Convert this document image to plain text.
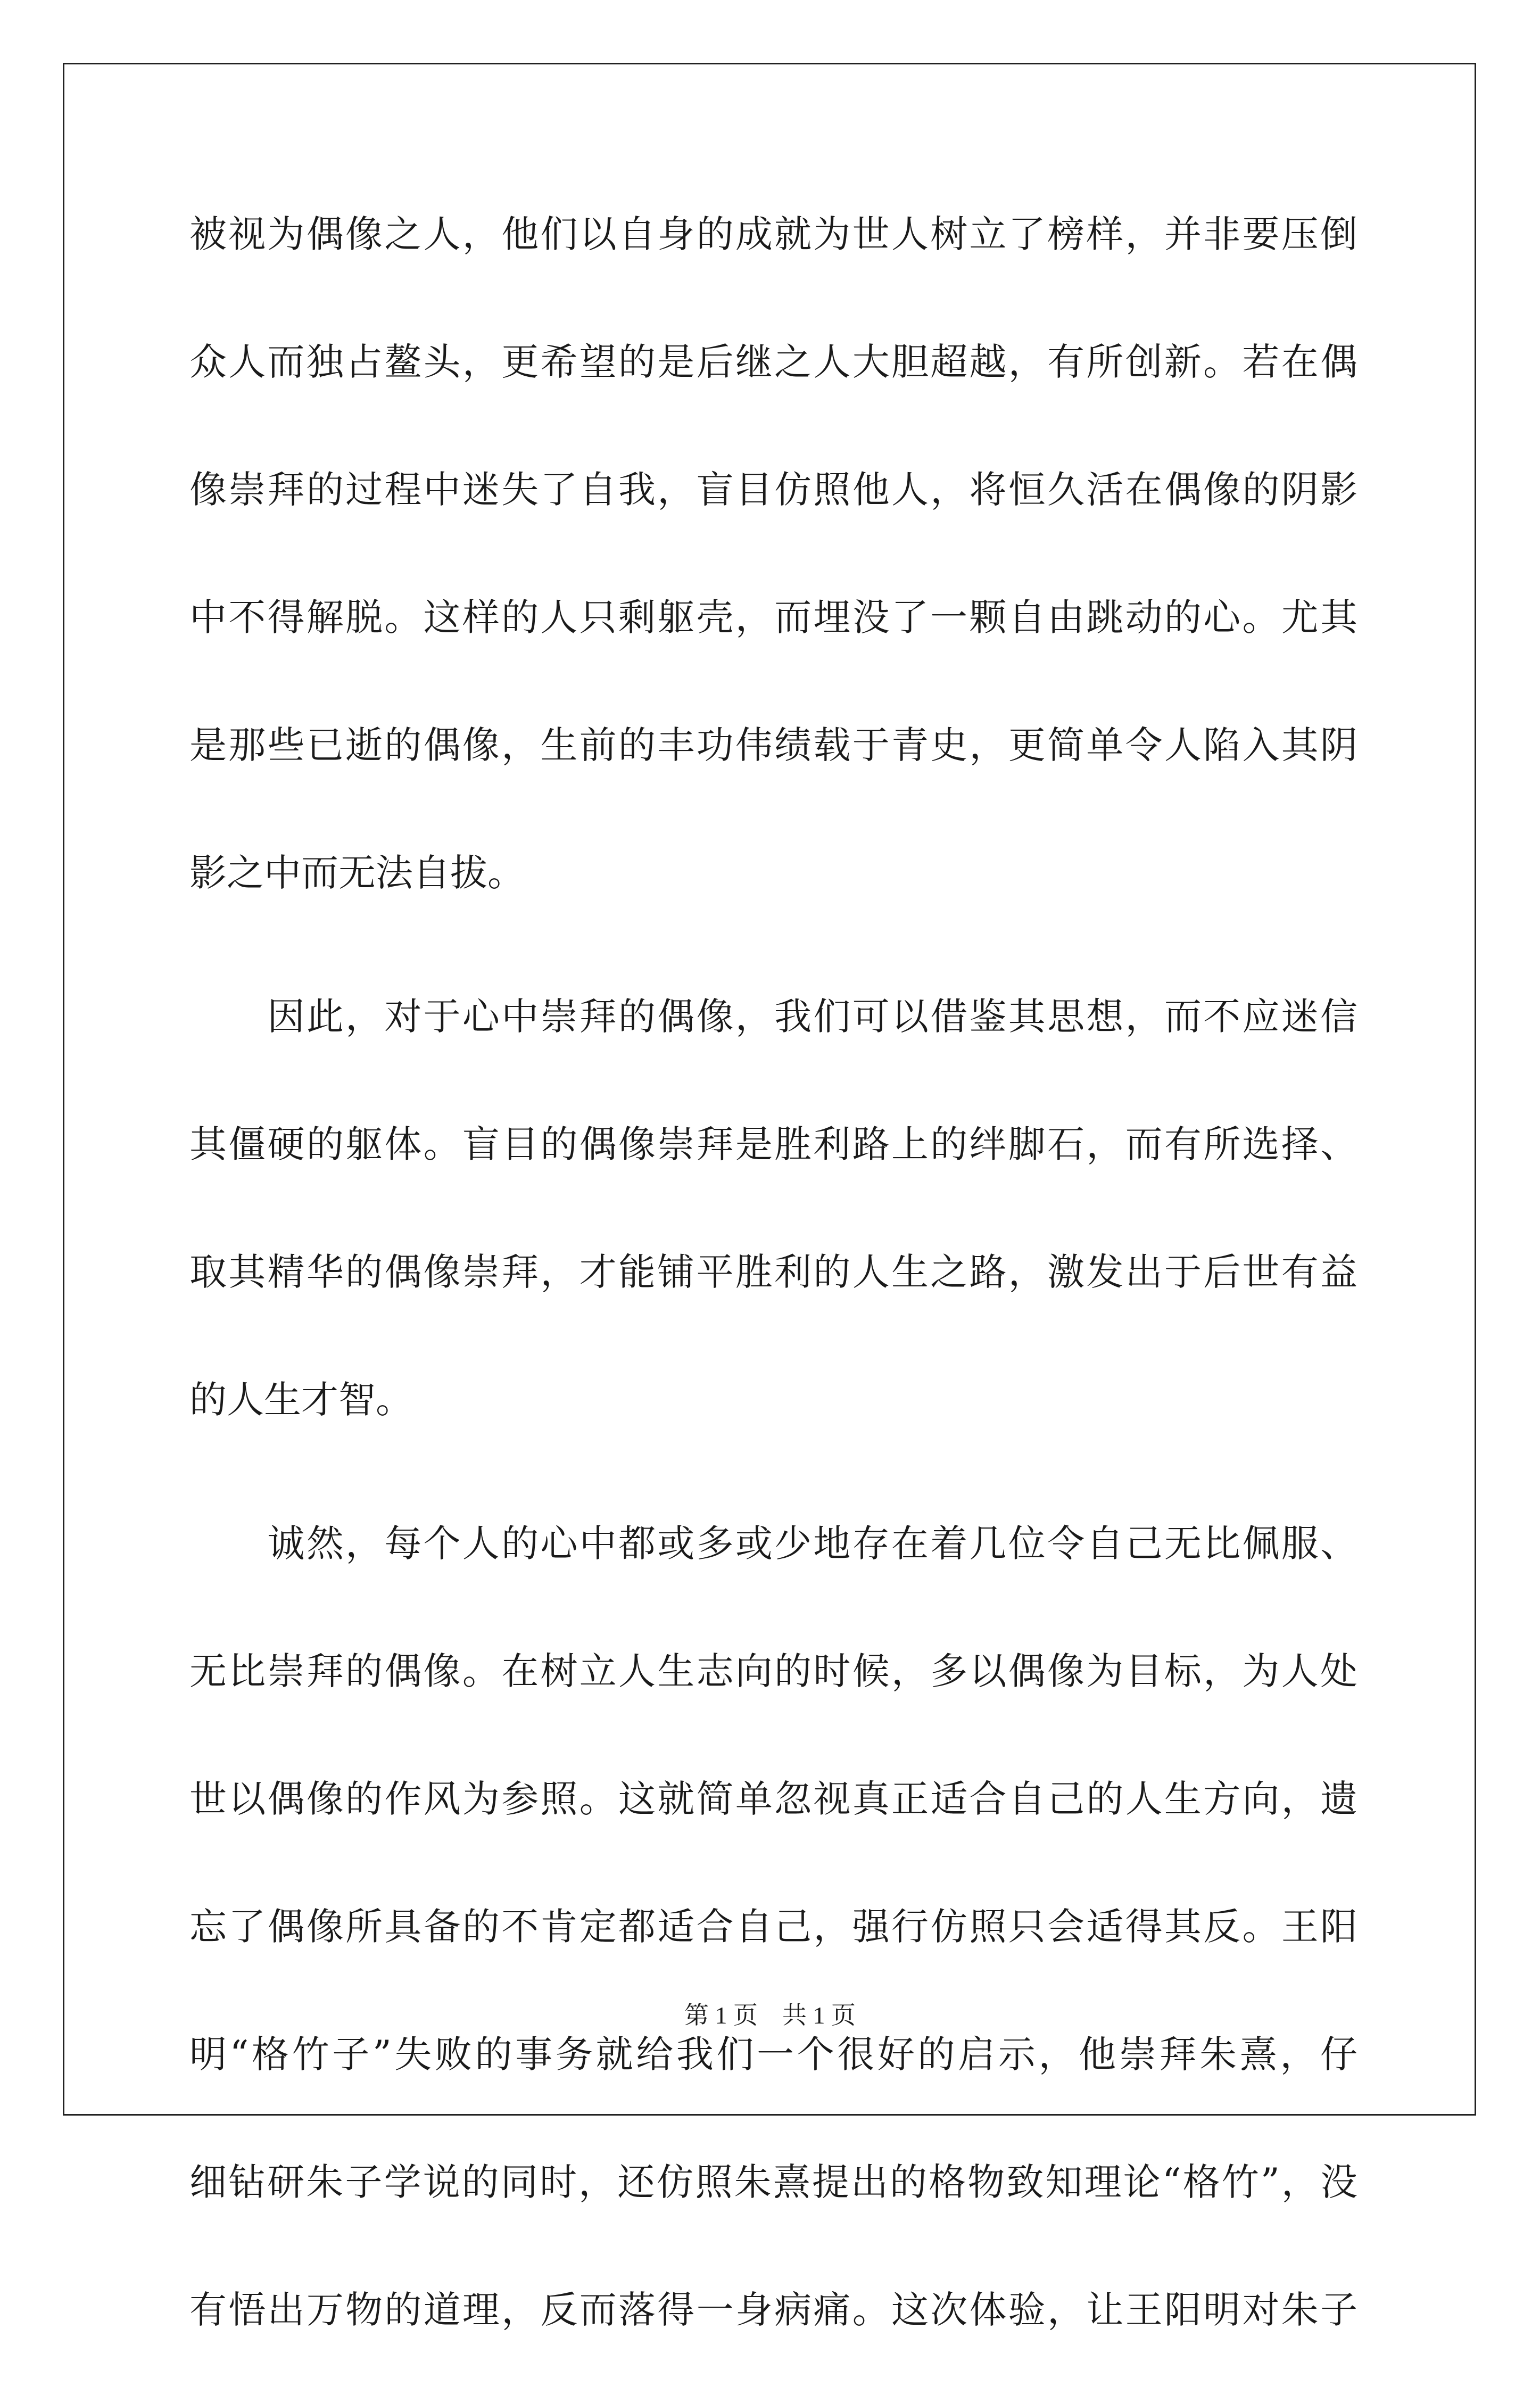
被视为偶像之人，他们以自身的成就为世人树立了榜样，并非要压倒
众人而独占鳌头，更希望的是后继之人大胆超越，有所创新。若在偶
像崇拜的过程中迷失了自我，盲目仿照他人，将恒久活在偶像的阴影
中不得解脱。这样的人只剩躯壳，而埋没了一颗自由跳动的心。尤其
是那些已逝的偶像，生前的丰功伟绩载于青史，更简单令人陷入其阴
影之中而无法自拔。
　　因此，对于心中崇拜的偶像，我们可以借鉴其思想，而不应迷信
其僵硬的躯体。盲目的偶像崇拜是胜利路上的绊脚石，而有所选择、
取其精华的偶像崇拜，才能铺平胜利的人生之路，激发出于后世有益
的人生才智。
　　诚然，每个人的心中都或多或少地存在着几位令自己无比佩服、
无比崇拜的偶像。在树立人生志向的时候，多以偶像为目标，为人处
世以偶像的作风为参照。这就简单忽视真正适合自己的人生方向，遗
忘了偶像所具备的不肯定都适合自己，强行仿照只会适得其反。王阳
明“格竹子”失败的事务就给我们一个很好的启示，他崇拜朱熹，仔
细钻研朱子学说的同时，还仿照朱熹提出的格物致知理论“格竹”，没
有悟出万物的道理，反而落得一身病痛。这次体验，让王阳明对朱子
第 1 页　共 1 页
